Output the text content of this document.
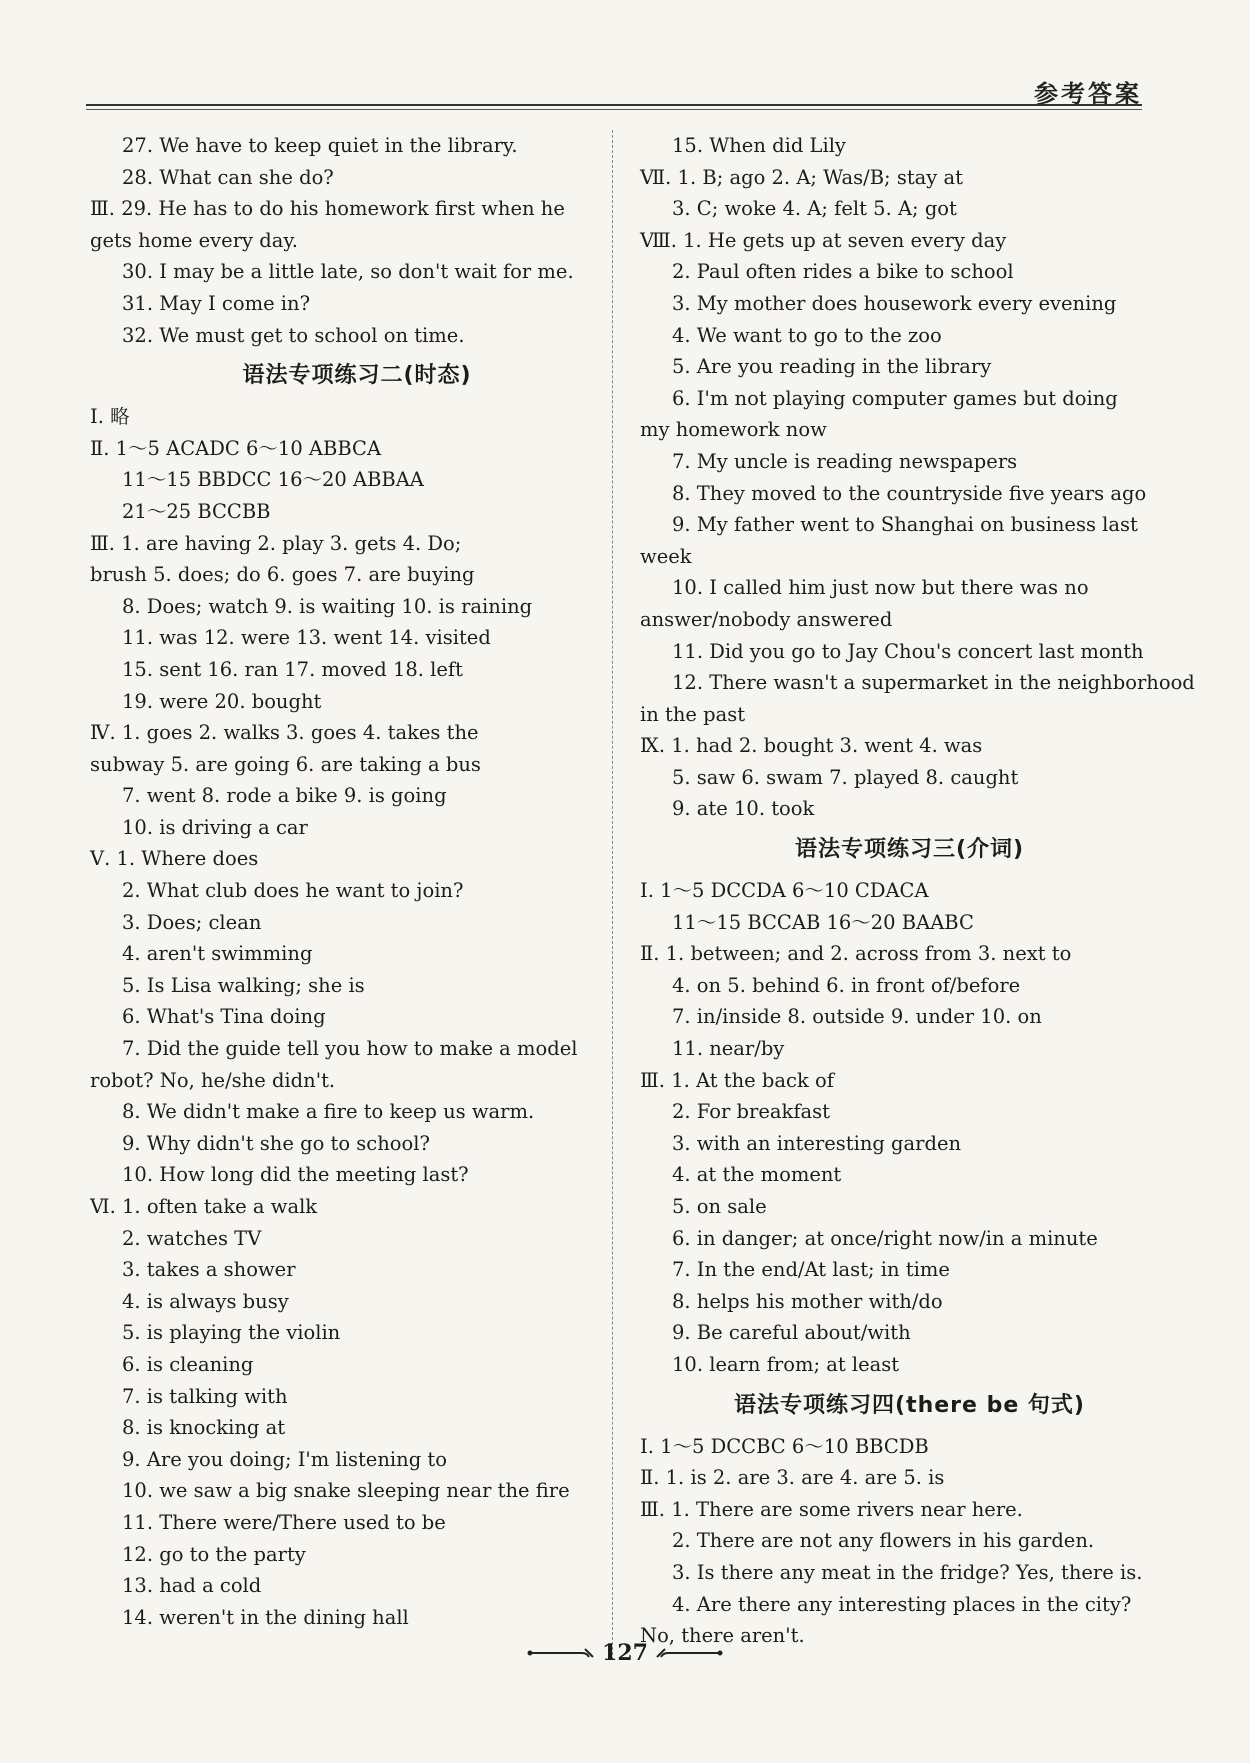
参考答案
27. We have to keep quiet in the library.
28. What can she do?
Ⅲ. 29. He has to do his homework first when he
gets home every day.
30. I may be a little late, so don't wait for me.
31. May I come in?
32. We must get to school on time.
语法专项练习二(时态)
Ⅰ. 略
Ⅱ. 1～5 ACADC 6～10 ABBCA
11～15 BBDCC 16～20 ABBAA
21～25 BCCBB
Ⅲ. 1. are having 2. play 3. gets 4. Do;
brush 5. does; do 6. goes 7. are buying
8. Does; watch 9. is waiting 10. is raining
11. was 12. were 13. went 14. visited
15. sent 16. ran 17. moved 18. left
19. were 20. bought
Ⅳ. 1. goes 2. walks 3. goes 4. takes the
subway 5. are going 6. are taking a bus
7. went 8. rode a bike 9. is going
10. is driving a car
Ⅴ. 1. Where does
2. What club does he want to join?
3. Does; clean
4. aren't swimming
5. Is Lisa walking; she is
6. What's Tina doing
7. Did the guide tell you how to make a model
robot? No, he/she didn't.
8. We didn't make a fire to keep us warm.
9. Why didn't she go to school?
10. How long did the meeting last?
Ⅵ. 1. often take a walk
2. watches TV
3. takes a shower
4. is always busy
5. is playing the violin
6. is cleaning
7. is talking with
8. is knocking at
9. Are you doing; I'm listening to
10. we saw a big snake sleeping near the fire
11. There were/There used to be
12. go to the party
13. had a cold
14. weren't in the dining hall
15. When did Lily
Ⅶ. 1. B; ago 2. A; Was/B; stay at
3. C; woke 4. A; felt 5. A; got
Ⅷ. 1. He gets up at seven every day
2. Paul often rides a bike to school
3. My mother does housework every evening
4. We want to go to the zoo
5. Are you reading in the library
6. I'm not playing computer games but doing
my homework now
7. My uncle is reading newspapers
8. They moved to the countryside five years ago
9. My father went to Shanghai on business last
week
10. I called him just now but there was no
answer/nobody answered
11. Did you go to Jay Chou's concert last month
12. There wasn't a supermarket in the neighborhood
in the past
Ⅸ. 1. had 2. bought 3. went 4. was
5. saw 6. swam 7. played 8. caught
9. ate 10. took
语法专项练习三(介词)
Ⅰ. 1～5 DCCDA 6～10 CDACA
11～15 BCCAB 16～20 BAABC
Ⅱ. 1. between; and 2. across from 3. next to
4. on 5. behind 6. in front of/before
7. in/inside 8. outside 9. under 10. on
11. near/by
Ⅲ. 1. At the back of
2. For breakfast
3. with an interesting garden
4. at the moment
5. on sale
6. in danger; at once/right now/in a minute
7. In the end/At last; in time
8. helps his mother with/do
9. Be careful about/with
10. learn from; at least
语法专项练习四(there be 句式)
Ⅰ. 1～5 DCCBC 6～10 BBCDB
Ⅱ. 1. is 2. are 3. are 4. are 5. is
Ⅲ. 1. There are some rivers near here.
2. There are not any flowers in his garden.
3. Is there any meat in the fridge? Yes, there is.
4. Are there any interesting places in the city?
No, there aren't.
127
